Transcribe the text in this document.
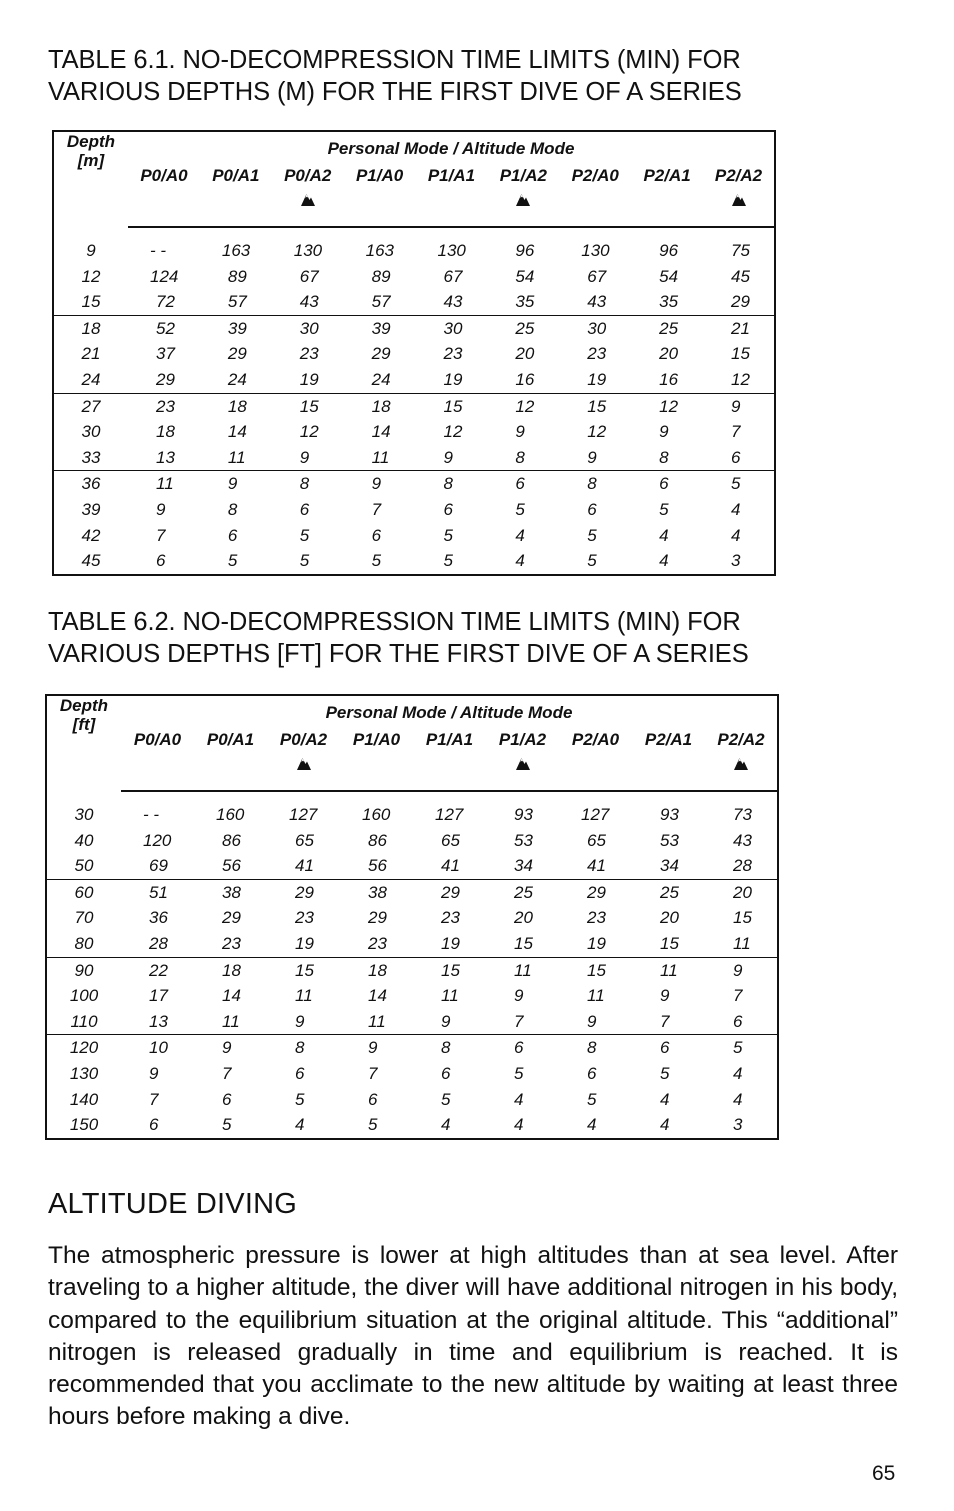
TABLE 6.1. NO-DECOMPRESSION TIME LIMITS (MIN) FOR
VARIOUS DEPTHS (M) FOR THE FIRST DIVE OF A SERIES
Depth
[m]	Personal Mode / Altitude Mode								
	P0/A0	P0/A1	P0/A2	P1/A0	P1/A1	P1/A2	P2/A0	P2/A1	P2/A2

9	- -	163	130	163	130	96	130	96	75
12	124	89	67	89	67	54	67	54	45
15	72	57	43	57	43	35	43	35	29
18	52	39	30	39	30	25	30	25	21
21	37	29	23	29	23	20	23	20	15
24	29	24	19	24	19	16	19	16	12
27	23	18	15	18	15	12	15	12	9
30	18	14	12	14	12	9	12	9	7
33	13	11	9	11	9	8	9	8	6
36	11	9	8	9	8	6	8	6	5
39	9	8	6	7	6	5	6	5	4
42	7	6	5	6	5	4	5	4	4
45	6	5	5	5	5	4	5	4	3
TABLE 6.2. NO-DECOMPRESSION TIME LIMITS (MIN) FOR
VARIOUS DEPTHS [FT] FOR THE FIRST DIVE OF A SERIES
Depth
[ft]	Personal Mode / Altitude Mode								
	P0/A0	P0/A1	P0/A2	P1/A0	P1/A1	P1/A2	P2/A0	P2/A1	P2/A2

30	- -	160	127	160	127	93	127	93	73
40	120	86	65	86	65	53	65	53	43
50	69	56	41	56	41	34	41	34	28
60	51	38	29	38	29	25	29	25	20
70	36	29	23	29	23	20	23	20	15
80	28	23	19	23	19	15	19	15	11
90	22	18	15	18	15	11	15	11	9
100	17	14	11	14	11	9	11	9	7
110	13	11	9	11	9	7	9	7	6
120	10	9	8	9	8	6	8	6	5
130	9	7	6	7	6	5	6	5	4
140	7	6	5	6	5	4	5	4	4
150	6	5	4	5	4	4	4	4	3
ALTITUDE DIVING

The atmospheric pressure is lower at high altitudes than at sea level. After traveling to a higher altitude, the diver will have additional nitrogen in his body, compared to the equilibrium situation at the original altitude. This “additional” nitrogen is released gradually in time and equilibrium is reached. It is recommended that you acclimate to the new altitude by waiting at least three hours before making a dive.

65
